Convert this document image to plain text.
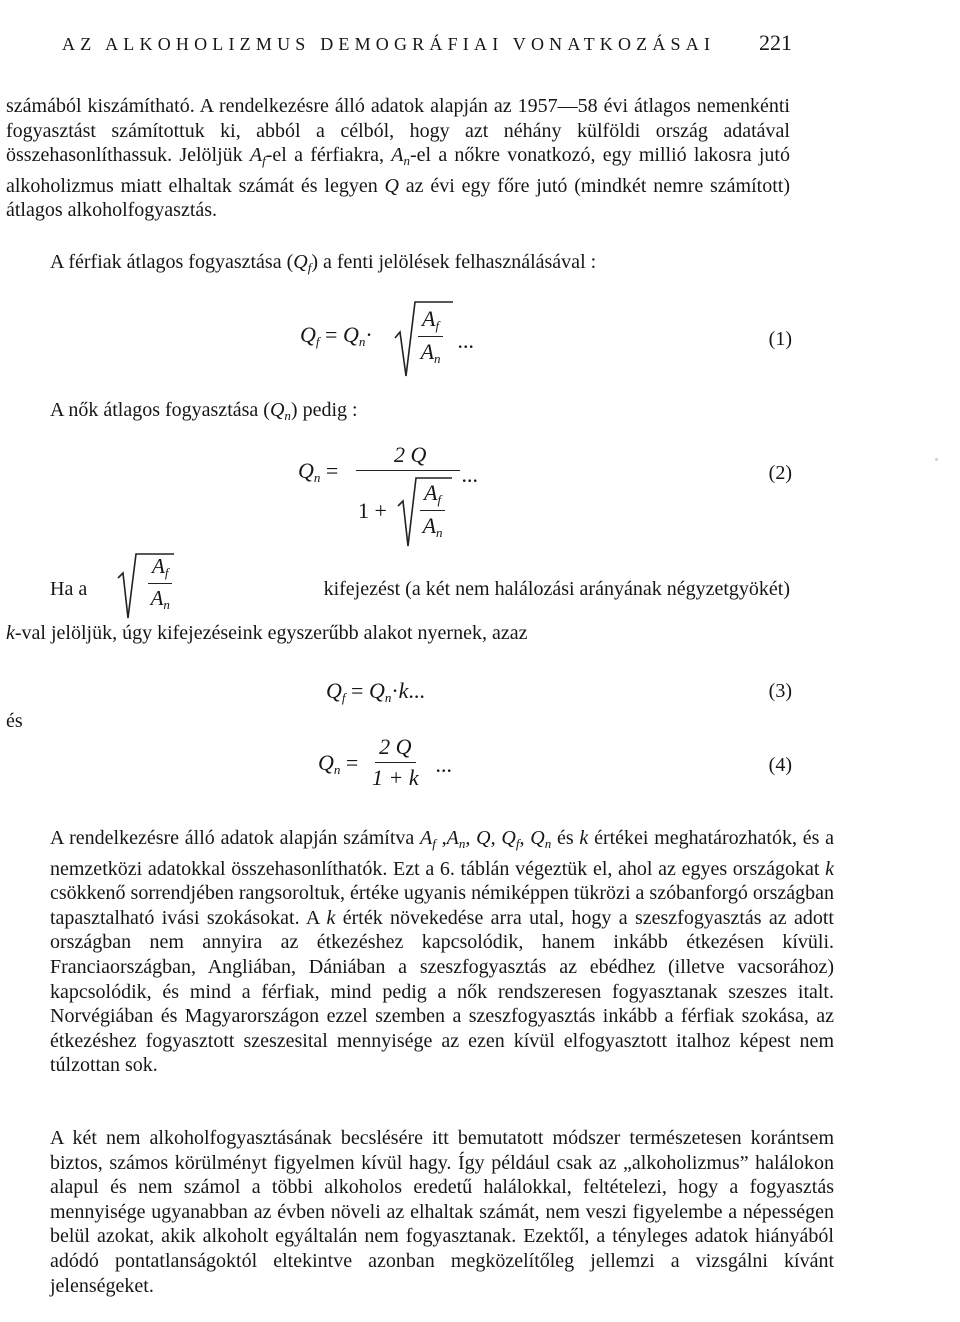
AZ ALKOHOLIZMUS DEMOGRÁFIAI VONATKOZÁSAI 221
számából kiszámítható. A rendelkezésre álló adatok alapján az 1957—58 évi átlagos nemenkénti fogyasztást számítottuk ki, abból a célból, hogy azt néhány külföldi ország adatával összehasonlíthassuk. Jelöljük $A_f-el$ a férfiakra, $A_n-el$ a nőkre vonatkozó, egy millió lakosra jutó alkoholizmus miatt elhaltak számát és legyen Q az évi egy főre jutó (mindkét nemre számított) átlagos alkoholfogyasztás.
A férfiak átlagos fogyasztása $(Q_f)$ a fenti jelölések felhasználásával :
$Q_f = Q_n\cdot \frac{A_f}{A_n}$ ...	(1)
A nők átlagos fogyasztása $(Q_n)$ pedig :
$Q_n$ =
2 Q
$1 + \frac{A_f}{A_n}$
...	(2)
Ha a	$\frac{A_f}{A_n}$	kifejezést (a két nem halálozási arányának négyzetgyökét)
k-val jelöljük, úgy kifejezéseink egyszerűbb alakot nyernek, azaz
$Q_f = Q_n\cdot k$...	(3)
és
$Q_n = \frac{2 Q}{1 + k}$ ...	(4)
A rendelkezésre álló adatok alapján számítva $A_f$ $,A_n$, Q, $Q_f$, $Q_n$ és k értékei meghatározhatók, és a nemzetközi adatokkal összehasonlíthatók. Ezt a 6. táblán végeztük el, ahol az egyes országokat k csökkenő sorrendjében rangsoroltuk, értéke ugyanis némiképpen tükrözi a szóbanforgó országban tapasztalható ivási szokásokat. A k érték növekedése arra utal, hogy a szeszfogyasztás az adott országban nem annyira az étkezéshez kapcsolódik, hanem inkább étkezésen kívüli. Franciaországban, Angliában, Dániában a szeszfogyasztás az ebédhez (illetve vacsorához) kapcsolódik, és mind a férfiak, mind pedig a nők rendszeresen fogyasztanak szeszes italt. Norvégiában és Magyarországon ezzel szemben a szeszfogyasztás inkább a férfiak szokása, az étkezéshez fogyasztott szeszesital mennyisége az ezen kívül elfogyasztott italhoz képest nem túlzottan sok.
A két nem alkoholfogyasztásának becslésére itt bemutatott módszer természetesen korántsem biztos, számos körülményt figyelmen kívül hagy. Így például csak az „alkoholizmus” halálokon alapul és nem számol a többi alkoholos eredetű halálokkal, feltételezi, hogy a fogyasztás mennyisége ugyanabban az évben növeli az elhaltak számát, nem veszi figyelembe a népességen belül azokat, akik alkoholt egyáltalán nem fogyasztanak. Ezektől, a tényleges adatok hiányából adódó pontatlanságoktól eltekintve azonban megközelítőleg jellemzi a vizsgálni kívánt jelenségeket.
